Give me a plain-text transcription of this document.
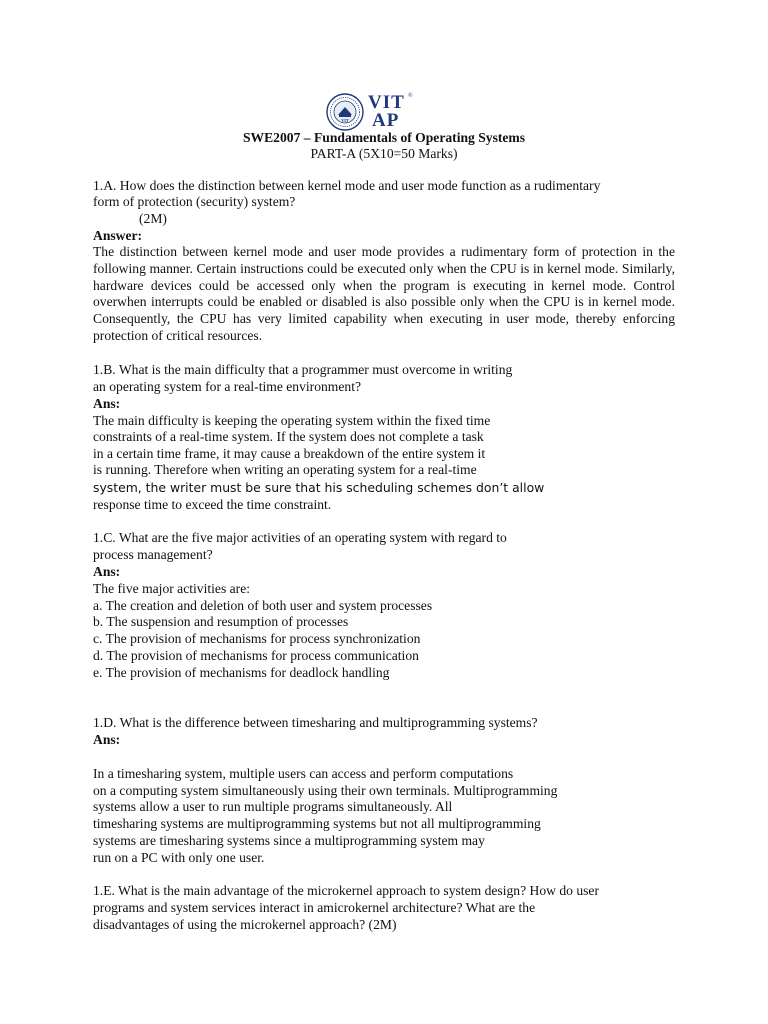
VIT
VIT ®
AP
SWE2007 – Fundamentals of Operating Systems
PART-A (5X10=50 Marks)
1.A. How does the distinction between kernel mode and user mode function as a rudimentary
form of protection (security) system?
(2M)
Answer:
The distinction between kernel mode and user mode provides a rudimentary form of protection in the following manner. Certain instructions could be executed only when the CPU is in kernel mode. Similarly, hardware devices could be accessed only when the program is executing in kernel mode. Control overwhen interrupts could be enabled or disabled is also possible only when the CPU is in kernel mode. Consequently, the CPU has very limited capability when executing in user mode, thereby enforcing protection of critical resources.
1.B. What is the main difficulty that a programmer must overcome in writing
an operating system for a real-time environment?
Ans:
The main difficulty is keeping the operating system within the fixed time
constraints of a real-time system. If the system does not complete a task
in a certain time frame, it may cause a breakdown of the entire system it
is running. Therefore when writing an operating system for a real-time
system, the writer must be sure that his scheduling schemes don’t allow
response time to exceed the time constraint.
1.C. What are the five major activities of an operating system with regard to
process management?
Ans:
The five major activities are:
a. The creation and deletion of both user and system processes
b. The suspension and resumption of processes
c. The provision of mechanisms for process synchronization
d. The provision of mechanisms for process communication
e. The provision of mechanisms for deadlock handling
1.D. What is the difference between timesharing and multiprogramming systems?
Ans:
In a timesharing system, multiple users can access and perform computations
on a computing system simultaneously using their own terminals. Multiprogramming
systems allow a user to run multiple programs simultaneously. All
timesharing systems are multiprogramming systems but not all multiprogramming
systems are timesharing systems since a multiprogramming system may
run on a PC with only one user.
1.E. What is the main advantage of the microkernel approach to system design? How do user
programs and system services interact in amicrokernel architecture? What are the
disadvantages of using the microkernel approach? (2M)
